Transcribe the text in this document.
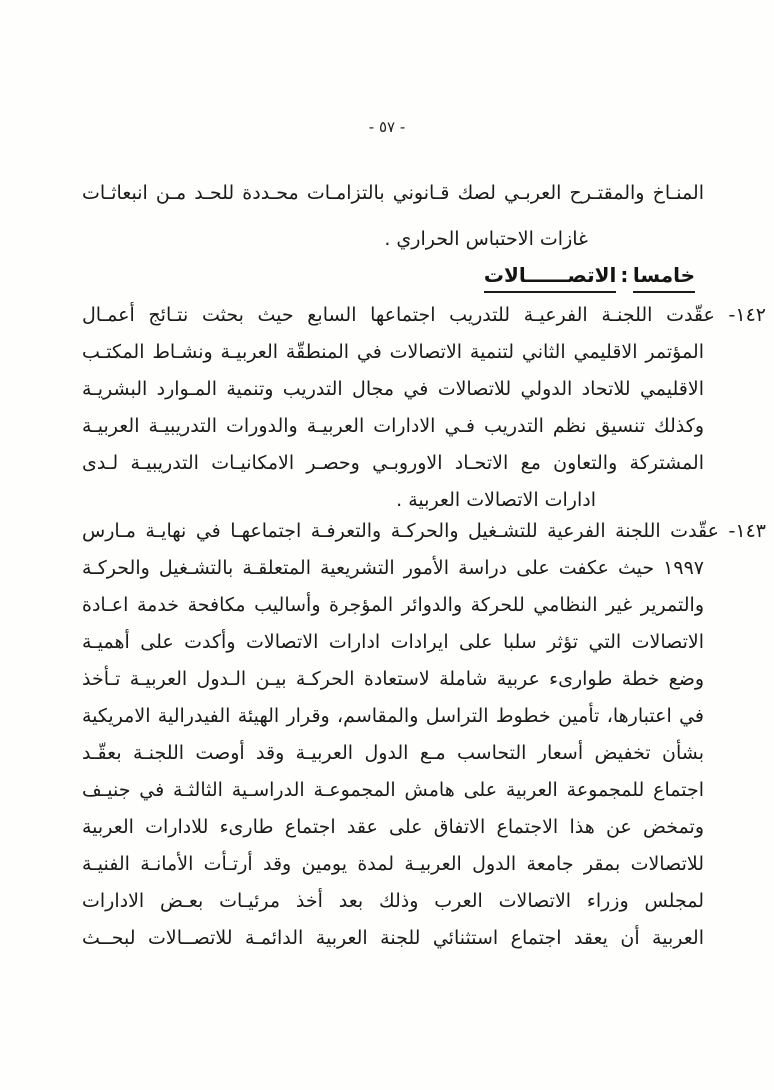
- ٥٧ -
المنـاخ والمقتـرح العربـي لصك قـانوني بالتزامـات محـددة للحـد مـن انبعاثـات
غازات الاحتباس الحراري .
خامسا:الاتصــــــالات
١٤٢- عقّدت اللجنـة الفرعيـة للتدريب اجتماعها السابع حيث بحثت نتـائج أعمـال
المؤتمر الاقليمي الثاني لتنمية الاتصالات في المنطقّة العربيـة ونشـاط المكتـب
الاقليمي للاتحاد الدولي للاتصالات في مجال التدريب وتنمية المـوارد البشريـة
وكذلك تنسيق نظم التدريب فـي الادارات العربيـة والدورات التدريبيـة العربيـة
المشتركة والتعاون مع الاتحـاد الاوروبـي وحصـر الامكانيـات التدريبيـة لـدى
ادارات الاتصالات العربية .
١٤٣- عقّدت اللجنة الفرعية للتشـغيل والحركـة والتعرفـة اجتماعهـا في نهايـة مـارس
١٩٩٧ حيث عكفت على دراسة الأمور التشريعية المتعلقـة بالتشـغيل والحركـة
والتمرير غير النظامي للحركة والدوائر المؤجرة وأساليب مكافحة خدمة اعـادة
الاتصالات التي تؤثر سلبا على ايرادات ادارات الاتصالات وأكدت على أهميـة
وضع خطة طوارىء عربية شاملة لاستعادة الحركـة بيـن الـدول العربيـة تـأخذ
في اعتبارها، تأمين خطوط التراسل والمقاسم، وقرار الهيئة الفيدرالية الامريكية
بشأن تخفيض أسعار التحاسب مـع الدول العربيـة وقد أوصت اللجنـة بعقّـد
اجتماع للمجموعة العربية على هامش المجموعـة الدراسـية الثالثـة في جنيـف
وتمخض عن هذا الاجتماع الاتفاق على عقد اجتماع طارىء للادارات العربية
للاتصالات بمقر جامعة الدول العربيـة لمدة يومين وقد أرتـأت الأمانـة الفنيـة
لمجلس وزراء الاتصالات العرب وذلك بعد أخذ مرئيـات بعـض الادارات
العربية أن يعقد اجتماع استثنائي للجنة العربية الدائمـة للاتصــالات لبحــث
